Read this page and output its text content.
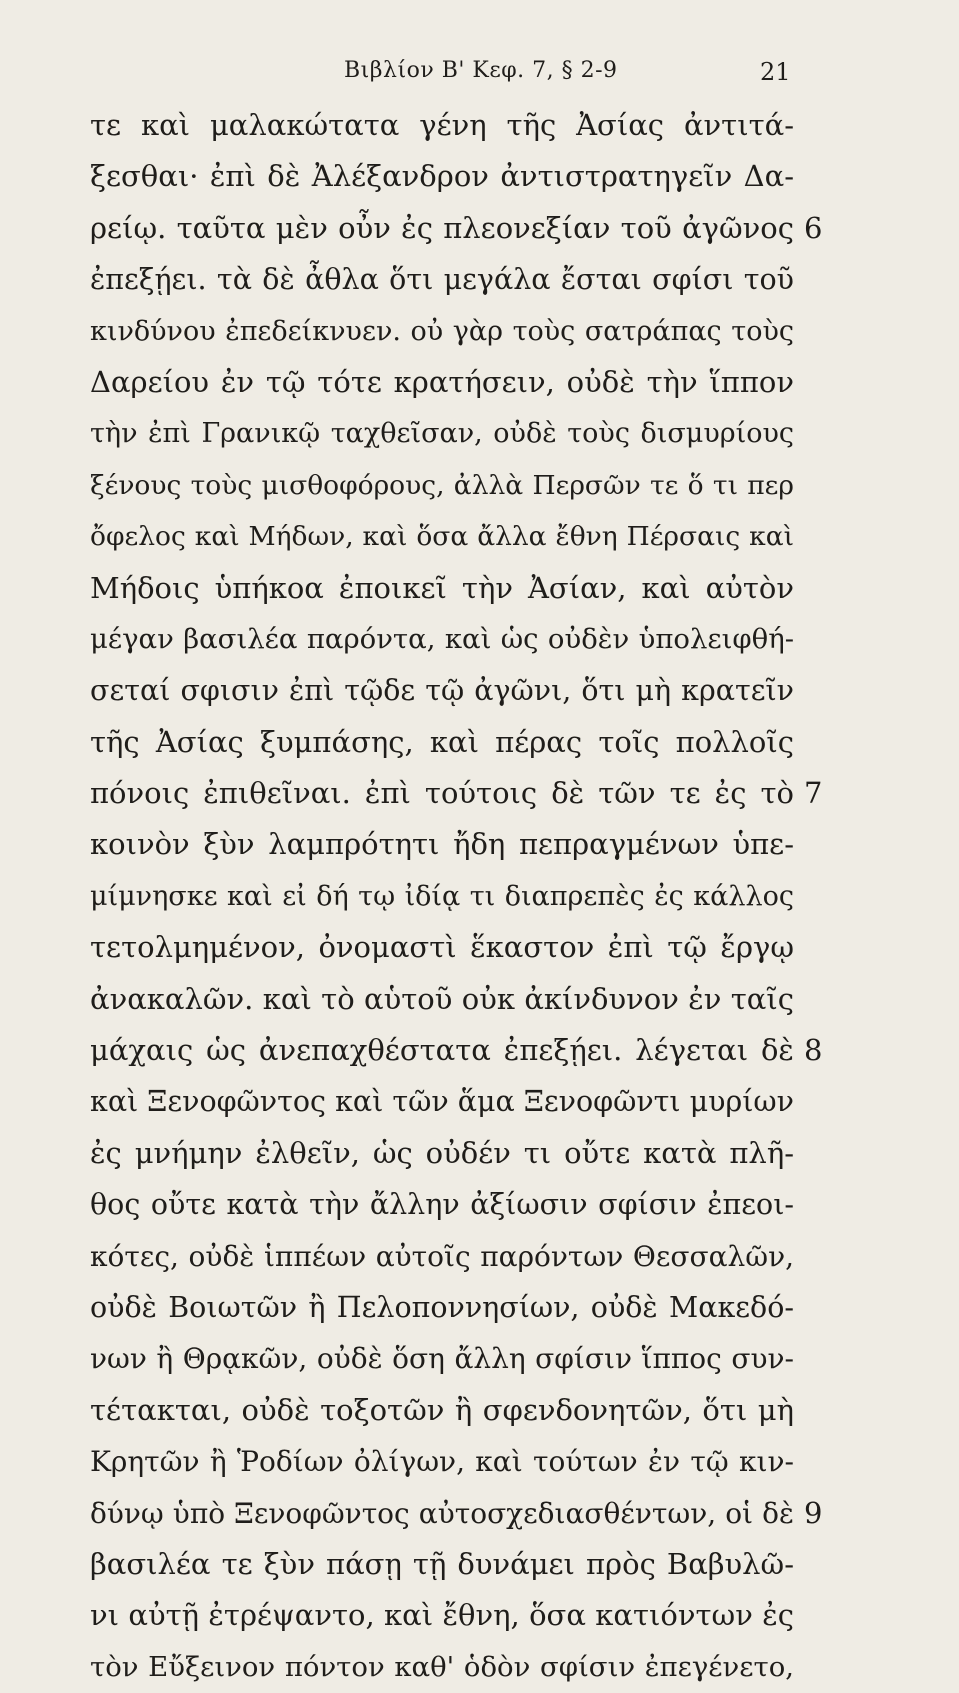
Βιβλίον Β' Κεφ. 7, § 2-9	21
τε καὶ μαλακώτατα γένη τῆς Ἀσίας ἀντιτά-
ξεσθαι· ἐπὶ δὲ Ἀλέξανδρον ἀντιστρατηγεῖν Δα-
ρείῳ. ταῦτα μὲν οὖν ἐς πλεονεξίαν τοῦ ἀγῶνος
ἐπεξῄει. τὰ δὲ ἆθλα ὅτι μεγάλα ἔσται σφίσι τοῦ
κινδύνου ἐπεδείκνυεν. οὐ γὰρ τοὺς σατράπας τοὺς
Δαρείου ἐν τῷ τότε κρατήσειν, οὐδὲ τὴν ἵππον
τὴν ἐπὶ Γρανικῷ ταχθεῖσαν, οὐδὲ τοὺς δισμυρίους
ξένους τοὺς μισθοφόρους, ἀλλὰ Περσῶν τε ὅ τι περ
ὄφελος καὶ Μήδων, καὶ ὅσα ἄλλα ἔθνη Πέρσαις καὶ
Μήδοις ὑπήκοα ἐποικεῖ τὴν Ἀσίαν, καὶ αὐτὸν
μέγαν βασιλέα παρόντα, καὶ ὡς οὐδὲν ὑπολειφθή-
σεταί σφισιν ἐπὶ τῷδε τῷ ἀγῶνι, ὅτι μὴ κρατεῖν
τῆς Ἀσίας ξυμπάσης, καὶ πέρας τοῖς πολλοῖς
πόνοις ἐπιθεῖναι. ἐπὶ τούτοις δὲ τῶν τε ἐς τὸ
κοινὸν ξὺν λαμπρότητι ἤδη πεπραγμένων ὑπε-
μίμνησκε καὶ εἰ δή τῳ ἰδίᾳ τι διαπρεπὲς ἐς κάλλος
τετολμημένον, ὀνομαστὶ ἕκαστον ἐπὶ τῷ ἔργῳ
ἀνακαλῶν. καὶ τὸ αὑτοῦ οὐκ ἀκίνδυνον ἐν ταῖς
μάχαις ὡς ἀνεπαχθέστατα ἐπεξῄει. λέγεται δὲ
καὶ Ξενοφῶντος καὶ τῶν ἅμα Ξενοφῶντι μυρίων
ἐς μνήμην ἐλθεῖν, ὡς οὐδέν τι οὔτε κατὰ πλῆ-
θος οὔτε κατὰ τὴν ἄλλην ἀξίωσιν σφίσιν ἐπεοι-
κότες, οὐδὲ ἱππέων αὐτοῖς παρόντων Θεσσαλῶν,
οὐδὲ Βοιωτῶν ἢ Πελοποννησίων, οὐδὲ Μακεδό-
νων ἢ Θρᾳκῶν, οὐδὲ ὅση ἄλλη σφίσιν ἵππος συν-
τέτακται, οὐδὲ τοξοτῶν ἢ σφενδονητῶν, ὅτι μὴ
Κρητῶν ἢ Ῥοδίων ὀλίγων, καὶ τούτων ἐν τῷ κιν-
δύνῳ ὑπὸ Ξενοφῶντος αὐτοσχεδιασθέντων, οἱ δὲ
βασιλέα τε ξὺν πάσῃ τῇ δυνάμει πρὸς Βαβυλῶ-
νι αὐτῇ ἐτρέψαντο, καὶ ἔθνη, ὅσα κατιόντων ἐς
τὸν Εὔξεινον πόντον καθ' ὁδὸν σφίσιν ἐπεγένετο,
6
7
8
9
